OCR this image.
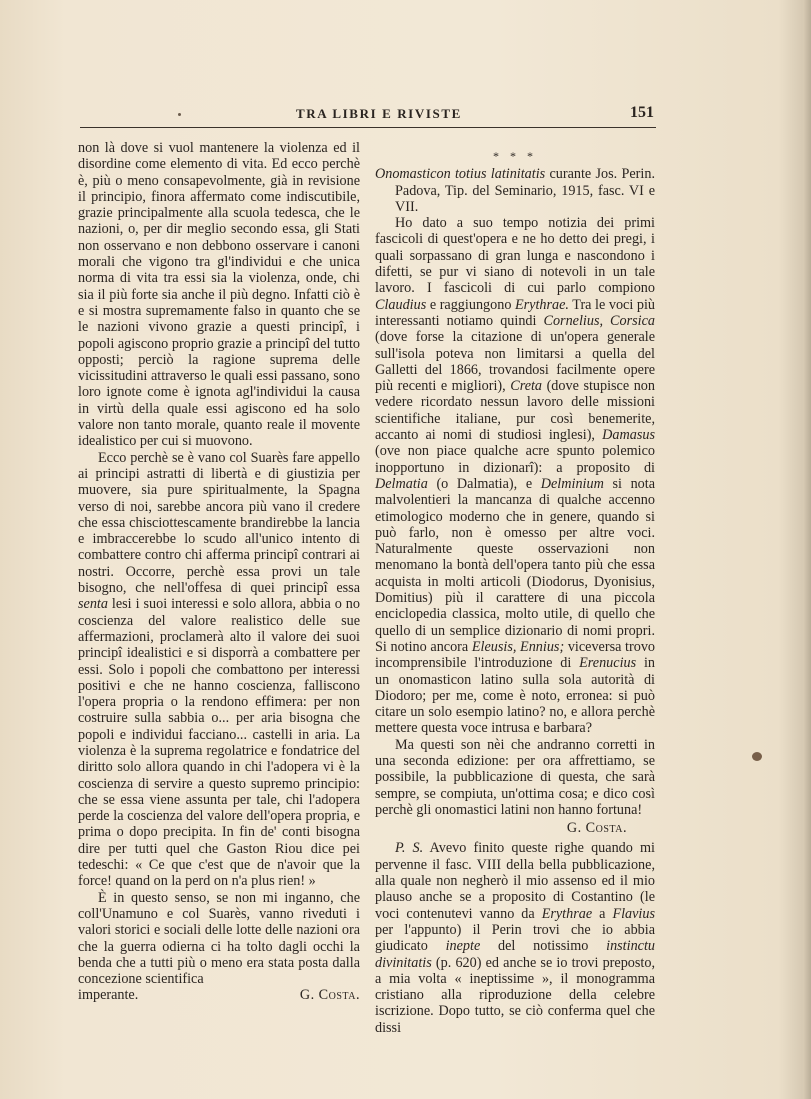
TRA LIBRI E RIVISTE	151

non là dove si vuol mantenere la violenza ed il disordine come elemento di vita. Ed ecco perchè è, più o meno consapevolmente, già in revisione il principio, finora affermato come indiscutibile, grazie principalmente alla scuola tedesca, che le nazioni, o, per dir meglio secondo essa, gli Stati non osservano e non debbono osservare i canoni morali che vigono tra gl'individui e che unica norma di vita tra essi sia la violenza, onde, chi sia il più forte sia anche il più degno. Infatti ciò è e si mostra supremamente falso in quanto che se le nazioni vivono grazie a questi principî, i popoli agiscono proprio grazie a principî del tutto opposti; perciò la ragione suprema delle vicissitudini attraverso le quali essi passano, sono loro ignote come è ignota agl'individui la causa in virtù della quale essi agiscono ed ha solo valore non tanto morale, quanto reale il movente idealistico per cui si muovono.

Ecco perchè se è vano col Suarès fare appello ai principi astratti di libertà e di giustizia per muovere, sia pure spiritualmente, la Spagna verso di noi, sarebbe ancora più vano il credere che essa chisciottescamente brandirebbe la lancia e imbraccerebbe lo scudo all'unico intento di combattere contro chi afferma principî contrari ai nostri. Occorre, perchè essa provi un tale bisogno, che nell'offesa di quei principî essa senta lesi i suoi interessi e solo allora, abbia o no coscienza del valore realistico delle sue affermazioni, proclamerà alto il valore dei suoi principî idealistici e si disporrà a combattere per essi. Solo i popoli che combattono per interessi positivi e che ne hanno coscienza, falliscono l'opera propria o la rendono effimera: per non costruire sulla sabbia o... per aria bisogna che popoli e individui facciano... castelli in aria. La violenza è la suprema regolatrice e fondatrice del diritto solo allora quando in chi l'adopera vi è la coscienza di servire a questo supremo principio: che se essa viene assunta per tale, chi l'adopera perde la coscienza del valore dell'opera propria, e prima o dopo precipita. In fin de' conti bisogna dire per tutti quel che Gaston Riou dice pei tedeschi: « Ce que c'est que de n'avoir que la force! quand on la perd on n'a plus rien! »

È in questo senso, se non mi inganno, che coll'Unamuno e col Suarès, vanno riveduti i valori storici e sociali delle lotte delle nazioni ora che la guerra odierna ci ha tolto dagli occhi la benda che a tutti più o meno era stata posta dalla concezione scientifica

imperante.	G. Costa.

* * *

Onomasticon totius latinitatis curante Jos. Perin. Padova, Tip. del Seminario, 1915, fasc. VI e VII.

Ho dato a suo tempo notizia dei primi fascicoli di quest'opera e ne ho detto dei pregi, i quali sorpassano di gran lunga e nascondono i difetti, se pur vi siano di notevoli in un tale lavoro. I fascicoli di cui parlo compiono Claudius e raggiungono Erythrae. Tra le voci più interessanti notiamo quindi Cornelius, Corsica (dove forse la citazione di un'opera generale sull'isola poteva non limitarsi a quella del Galletti del 1866, trovandosi facilmente opere più recenti e migliori), Creta (dove stupisce non vedere ricordato nessun lavoro delle missioni scientifiche italiane, pur così benemerite, accanto ai nomi di studiosi inglesi), Damasus (ove non piace qualche acre spunto polemico inopportuno in dizionarî): a proposito di Delmatia (o Dalmatia), e Delminium si nota malvolentieri la mancanza di qualche accenno etimologico moderno che in genere, quando si può farlo, non è omesso per altre voci. Naturalmente queste osservazioni non menomano la bontà dell'opera tanto più che essa acquista in molti articoli (Diodorus, Dyonisius, Domitius) più il carattere di una piccola enciclopedia classica, molto utile, di quello che quello di un semplice dizionario di nomi propri. Si notino ancora Eleusis, Ennius; viceversa trovo incomprensibile l'introduzione di Erenucius in un onomasticon latino sulla sola autorità di Diodoro; per me, come è noto, erronea: si può citare un solo esempio latino? no, e allora perchè mettere questa voce intrusa e barbara?

Ma questi son nèi che andranno corretti in una seconda edizione: per ora affrettiamo, se possibile, la pubblicazione di questa, che sarà sempre, se compiuta, un'ottima cosa; e dico così perchè gli onomastici latini non hanno fortuna!

G. Costa.

P. S. Avevo finito queste righe quando mi pervenne il fasc. VIII della bella pubblicazione, alla quale non negherò il mio assenso ed il mio plauso anche se a proposito di Costantino (le voci contenutevi vanno da Erythrae a Flavius per l'appunto) il Perin trovi che io abbia giudicato inepte del notissimo instinctu divinitatis (p. 620) ed anche se io trovi preposto, a mia volta « ineptissime », il monogramma cristiano alla riproduzione della celebre iscrizione. Dopo tutto, se ciò conferma quel che dissi
